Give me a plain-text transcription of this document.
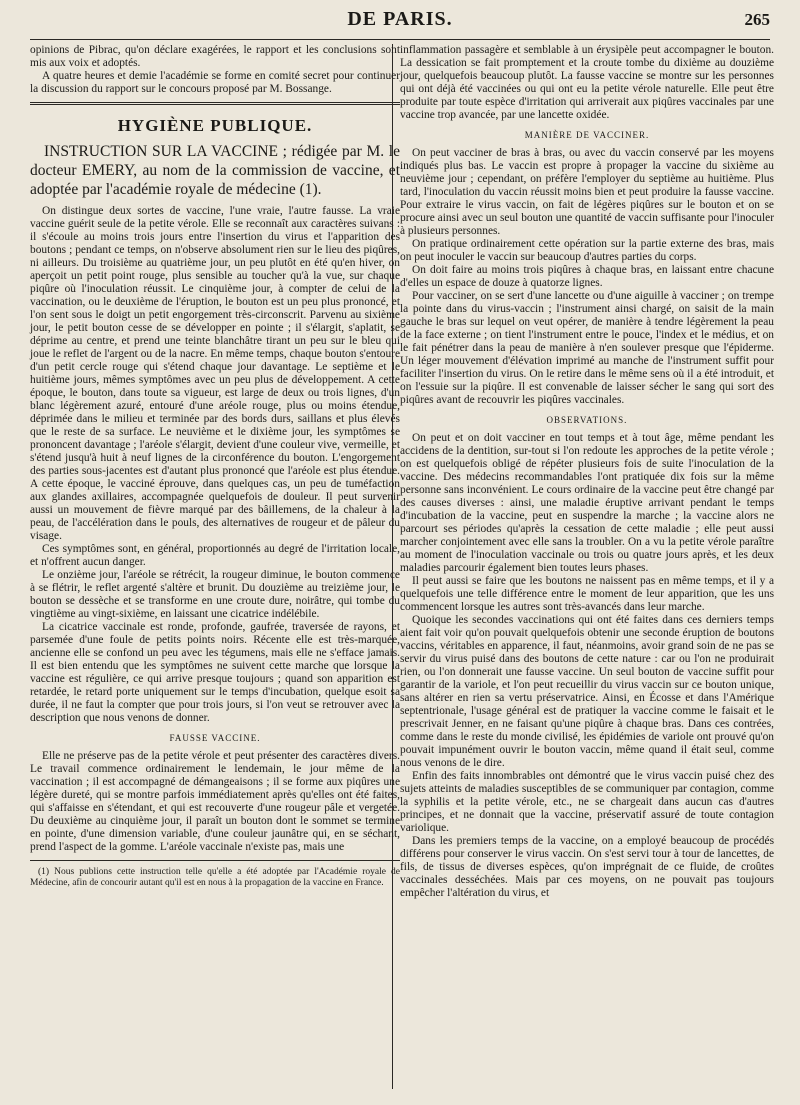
DE PARIS.	265

opinions de Pibrac, qu'on déclare exagérées, le rapport et les conclusions sont mis aux voix et adoptés.

A quatre heures et demie l'académie se forme en comité secret pour continuer la discussion du rapport sur le concours proposé par M. Bossange.

HYGIÈNE PUBLIQUE.
INSTRUCTION SUR LA VACCINE ; rédigée par M. le docteur EMERY, au nom de la commission de vaccine, et adoptée par l'académie royale de médecine (1).

On distingue deux sortes de vaccine, l'une vraie, l'autre fausse. La vraie vaccine guérit seule de la petite vérole. Elle se reconnaît aux caractères suivans : il s'écoule au moins trois jours entre l'insertion du virus et l'apparition des boutons ; pendant ce temps, on n'observe absolument rien sur le lieu des piqûres, ni ailleurs. Du troisième au quatrième jour, un peu plutôt en été qu'en hiver, on aperçoit un petit point rouge, plus sensible au toucher qu'à la vue, sur chaque piqûre où l'inoculation réussit. Le cinquième jour, à compter de celui de la vaccination, ou le deuxième de l'éruption, le bouton est un peu plus prononcé, et l'on sent sous le doigt un petit engorgement très-circonscrit. Parvenu au sixième jour, le petit bouton cesse de se développer en pointe ; il s'élargit, s'aplatit, se déprime au centre, et prend une teinte blanchâtre tirant un peu sur le bleu qui joue le reflet de l'argent ou de la nacre. En même temps, chaque bouton s'entoure d'un petit cercle rouge qui s'étend chaque jour davantage. Le septième et le huitième jours, mêmes symptômes avec un peu plus de développement. A cette époque, le bouton, dans toute sa vigueur, est large de deux ou trois lignes, d'un blanc légèrement azuré, entouré d'une aréole rouge, plus ou moins étendue, déprimée dans le milieu et terminée par des bords durs, saillans et plus élevés que le reste de sa surface. Le neuvième et le dixième jour, les symptômes se prononcent davantage ; l'aréole s'élargit, devient d'une couleur vive, vermeille, et s'étend jusqu'à huit à neuf lignes de la circonférence du bouton. L'engorgement des parties sous-jacentes est d'autant plus prononcé que l'aréole est plus étendue. A cette époque, le vacciné éprouve, dans quelques cas, un peu de tuméfaction aux glandes axillaires, accompagnée quelquefois de douleur. Il peut survenir aussi un mouvement de fièvre marqué par des bâillemens, de la chaleur à la peau, de l'accélération dans le pouls, des alternatives de rougeur et de pâleur du visage.

Ces symptômes sont, en général, proportionnés au degré de l'irritation locale, et n'offrent aucun danger.

Le onzième jour, l'aréole se rétrécit, la rougeur diminue, le bouton commence à se flétrir, le reflet argenté s'altère et brunit. Du douzième au treizième jour, le bouton se dessèche et se transforme en une croute dure, noirâtre, qui tombe du vingtième au vingt-sixième, en laissant une cicatrice indélébile.

La cicatrice vaccinale est ronde, profonde, gaufrée, traversée de rayons, et parsemée d'une foule de petits points noirs. Récente elle est très-marquée, ancienne elle se confond un peu avec les tégumens, mais elle ne s'efface jamais. Il est bien entendu que les symptômes ne suivent cette marche que lorsque la vaccine est régulière, ce qui arrive presque toujours ; quand son apparition est retardée, le retard porte uniquement sur le temps d'incubation, quelque esoit sa durée, il ne faut la compter que pour trois jours, si l'on veut se retrouver avec la description que nous venons de donner.

FAUSSE VACCINE.

Elle ne préserve pas de la petite vérole et peut présenter des caractères divers. Le travail commence ordinairement le lendemain, le jour même de la vaccination ; il est accompagné de démangeaisons ; il se forme aux piqûres une légère dureté, qui se montre parfois immédiatement après qu'elles ont été faites, qui s'affaisse en s'étendant, et qui est recouverte d'une rougeur pâle et vergetée. Du deuxième au cinquième jour, il paraît un bouton dont le sommet se termine en pointe, d'une dimension variable, d'une couleur jaunâtre qui, en se séchant, prend l'aspect de la gomme. L'aréole vaccinale n'existe pas, mais une

(1) Nous publions cette instruction telle qu'elle a été adoptée par l'Académie royale de Médecine, afin de concourir autant qu'il est en nous à la propagation de la vaccine en France.

inflammation passagère et semblable à un érysipèle peut accompagner le bouton. La dessication se fait promptement et la croute tombe du dixième au douzième jour, quelquefois beaucoup plutôt. La fausse vaccine se montre sur les personnes qui ont déjà été vaccinées ou qui ont eu la petite vérole naturelle. Elle peut être produite par toute espèce d'irritation qui arriverait aux piqûres vaccinales par une vaccine trop avancée, par une lancette oxidée.

MANIÈRE DE VACCINER.

On peut vacciner de bras à bras, ou avec du vaccin conservé par les moyens indiqués plus bas. Le vaccin est propre à propager la vaccine du sixième au neuvième jour ; cependant, on préfère l'employer du septième au huitième. Plus tard, l'inoculation du vaccin réussit moins bien et peut produire la fausse vaccine. Pour extraire le virus vaccin, on fait de légères piqûres sur le bouton et on se procure ainsi avec un seul bouton une quantité de vaccin suffisante pour l'inoculer à plusieurs personnes.

On pratique ordinairement cette opération sur la partie externe des bras, mais on peut inoculer le vaccin sur beaucoup d'autres parties du corps.

On doit faire au moins trois piqûres à chaque bras, en laissant entre chacune d'elles un espace de douze à quatorze lignes.

Pour vacciner, on se sert d'une lancette ou d'une aiguille à vacciner ; on trempe la pointe dans du virus-vaccin ; l'instrument ainsi chargé, on saisit de la main gauche le bras sur lequel on veut opérer, de manière à tendre légèrement la peau de la face externe ; on tient l'instrument entre le pouce, l'index et le médius, et on le fait pénétrer dans la peau de manière à n'en soulever presque que l'épiderme. Un léger mouvement d'élévation imprimé au manche de l'instrument suffit pour faciliter l'insertion du virus. On le retire dans le même sens où il a été introduit, et on l'essuie sur la piqûre. Il est convenable de laisser sécher le sang qui sort des piqûres avant de recouvrir les piqûres vaccinales.

OBSERVATIONS.

On peut et on doit vacciner en tout temps et à tout âge, même pendant les accidens de la dentition, sur-tout si l'on redoute les approches de la petite vérole ; on est quelquefois obligé de répéter plusieurs fois de suite l'inoculation de la vaccine. Des médecins recommandables l'ont pratiquée dix fois sur la même personne sans inconvénient. Le cours ordinaire de la vaccine peut être changé par des causes diverses : ainsi, une maladie éruptive arrivant pendant le temps d'incubation de la vaccine, peut en suspendre la marche ; la vaccine alors ne parcourt ses périodes qu'après la cessation de cette maladie ; elle peut aussi marcher conjointement avec elle sans la troubler. On a vu la petite vérole paraître au moment de l'inoculation vaccinale ou trois ou quatre jours après, et les deux maladies parcourir également bien toutes leurs phases.

Il peut aussi se faire que les boutons ne naissent pas en même temps, et il y a quelquefois une telle différence entre le moment de leur apparition, que les uns commencent lorsque les autres sont très-avancés dans leur marche.

Quoique les secondes vaccinations qui ont été faites dans ces derniers temps aient fait voir qu'on pouvait quelquefois obtenir une seconde éruption de boutons vaccins, véritables en apparence, il faut, néanmoins, avoir grand soin de ne pas se servir du virus puisé dans des boutons de cette nature : car ou l'on ne produirait rien, ou l'on donnerait une fausse vaccine. Un seul bouton de vaccine suffit pour garantir de la variole, et l'on peut recueillir du virus vaccin sur ce bouton unique, sans altérer en rien sa vertu préservatrice. Ainsi, en Écosse et dans l'Amérique septentrionale, l'usage général est de pratiquer la vaccine comme le faisait et le prescrivait Jenner, en ne faisant qu'une piqûre à chaque bras. Dans ces contrées, comme dans le reste du monde civilisé, les épidémies de variole ont prouvé qu'on pouvait impunément ouvrir le bouton vaccin, même quand il était seul, comme nous venons de le dire.

Enfin des faits innombrables ont démontré que le virus vaccin puisé chez des sujets atteints de maladies susceptibles de se communiquer par contagion, comme la syphilis et la petite vérole, etc., ne se chargeait dans aucun cas d'autres principes, et ne donnait que la vaccine, préservatif assuré de toute contagion variolique.

Dans les premiers temps de la vaccine, on a employé beaucoup de procédés différens pour conserver le virus vaccin. On s'est servi tour à tour de lancettes, de fils, de tissus de diverses espèces, qu'on imprégnait de ce fluide, de croûtes vaccinales desséchées. Mais par ces moyens, on ne pouvait pas toujours empêcher l'altération du virus, et
